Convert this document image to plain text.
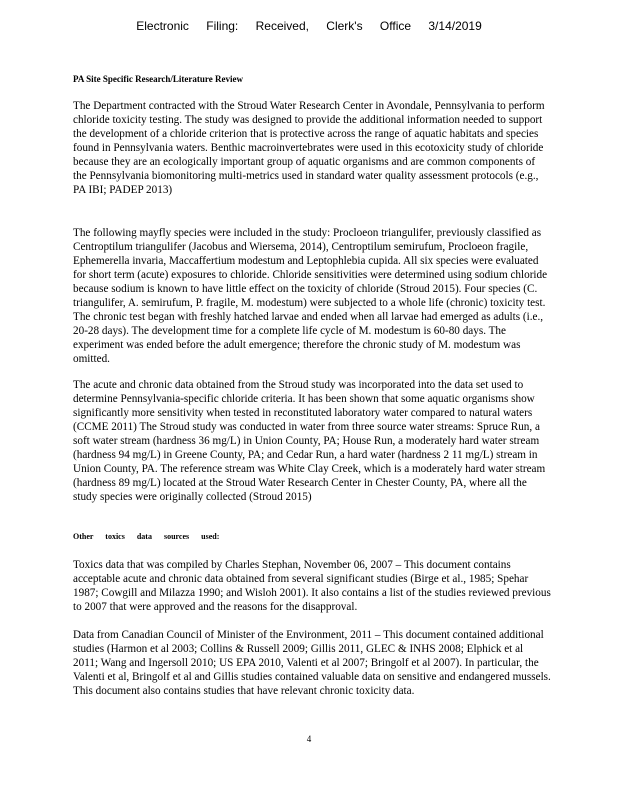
Electronic Filing: Received, Clerk's Office 3/14/2019
PA Site Specific Research/Literature Review

The Department contracted with the Stroud Water Research Center in Avondale, Pennsylvania to perform chloride toxicity testing. The study was designed to provide the additional information needed to support the development of a chloride criterion that is protective across the range of aquatic habitats and species found in Pennsylvania waters. Benthic macroinvertebrates were used in this ecotoxicity study of chloride because they are an ecologically important group of aquatic organisms and are common components of the Pennsylvania biomonitoring multi-metrics used in standard water quality assessment protocols (e.g., PA IBI; PADEP 2013)

The following mayfly species were included in the study: Procloeon triangulifer, previously classified as Centroptilum triangulifer (Jacobus and Wiersema, 2014), Centroptilum semirufum, Procloeon fragile, Ephemerella invaria, Maccaffertium modestum and Leptophlebia cupida. All six species were evaluated for short term (acute) exposures to chloride. Chloride sensitivities were determined using sodium chloride because sodium is known to have little effect on the toxicity of chloride (Stroud 2015). Four species (C. triangulifer, A. semirufum, P. fragile, M. modestum) were subjected to a whole life (chronic) toxicity test. The chronic test began with freshly hatched larvae and ended when all larvae had emerged as adults (i.e., 20-28 days). The development time for a complete life cycle of M. modestum is 60-80 days. The experiment was ended before the adult emergence; therefore the chronic study of M. modestum was omitted.

The acute and chronic data obtained from the Stroud study was incorporated into the data set used to determine Pennsylvania-specific chloride criteria. It has been shown that some aquatic organisms show significantly more sensitivity when tested in reconstituted laboratory water compared to natural waters (CCME 2011) The Stroud study was conducted in water from three source water streams: Spruce Run, a soft water stream (hardness 36 mg/L) in Union County, PA; House Run, a moderately hard water stream (hardness 94 mg/L) in Greene County, PA; and Cedar Run, a hard water (hardness 2 11 mg/L) stream in Union County, PA. The reference stream was White Clay Creek, which is a moderately hard water stream (hardness 89 mg/L) located at the Stroud Water Research Center in Chester County, PA, where all the study species were originally collected (Stroud 2015)

Other toxics data sources used:

Toxics data that was compiled by Charles Stephan, November 06, 2007 – This document contains acceptable acute and chronic data obtained from several significant studies (Birge et al., 1985; Spehar 1987; Cowgill and Milazza 1990; and Wisloh 2001). It also contains a list of the studies reviewed previous to 2007 that were approved and the reasons for the disapproval.

Data from Canadian Council of Minister of the Environment, 2011 – This document contained additional studies (Harmon et al 2003; Collins & Russell 2009; Gillis 2011, GLEC & INHS 2008; Elphick et al 2011; Wang and Ingersoll 2010; US EPA 2010, Valenti et al 2007; Bringolf et al 2007). In particular, the Valenti et al, Bringolf et al and Gillis studies contained valuable data on sensitive and endangered mussels. This document also contains studies that have relevant chronic toxicity data.

4
